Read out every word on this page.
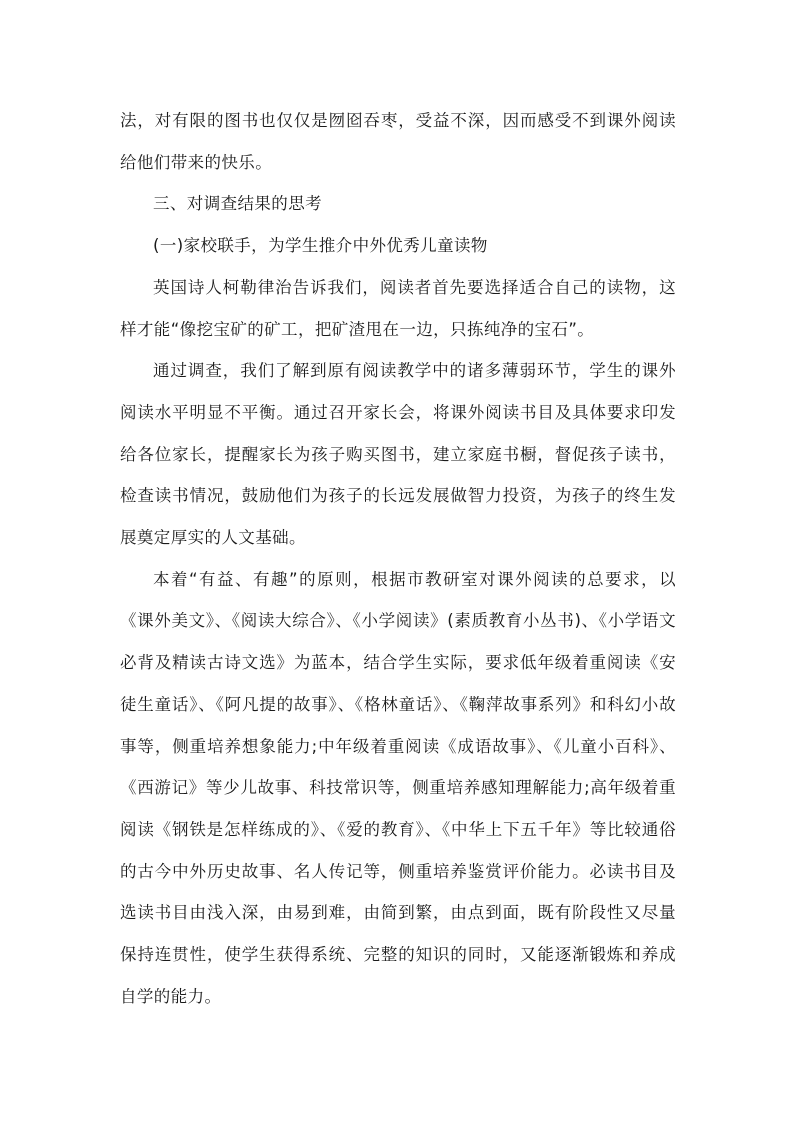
法，对有限的图书也仅仅是囫囵吞枣，受益不深，因而感受不到课外阅读给他们带来的快乐。

三、对调查结果的思考

(一)家校联手，为学生推介中外优秀儿童读物

英国诗人柯勒律治告诉我们，阅读者首先要选择适合自己的读物，这样才能“像挖宝矿的矿工，把矿渣甩在一边，只拣纯净的宝石”。

通过调查，我们了解到原有阅读教学中的诸多薄弱环节，学生的课外阅读水平明显不平衡。通过召开家长会，将课外阅读书目及具体要求印发给各位家长，提醒家长为孩子购买图书，建立家庭书橱，督促孩子读书，检查读书情况，鼓励他们为孩子的长远发展做智力投资，为孩子的终生发展奠定厚实的人文基础。

本着“有益、有趣”的原则，根据市教研室对课外阅读的总要求，以《课外美文》、《阅读大综合》、《小学阅读》(素质教育小丛书)、《小学语文必背及精读古诗文选》为蓝本，结合学生实际，要求低年级着重阅读《安徒生童话》、《阿凡提的故事》、《格林童话》、《鞠萍故事系列》和科幻小故事等，侧重培养想象能力;中年级着重阅读《成语故事》、《儿童小百科》、《西游记》等少儿故事、科技常识等，侧重培养感知理解能力;高年级着重阅读《钢铁是怎样练成的》、《爱的教育》、《中华上下五千年》等比较通俗的古今中外历史故事、名人传记等，侧重培养鉴赏评价能力。必读书目及选读书目由浅入深，由易到难，由简到繁，由点到面，既有阶段性又尽量保持连贯性，使学生获得系统、完整的知识的同时，又能逐渐锻炼和养成自学的能力。
